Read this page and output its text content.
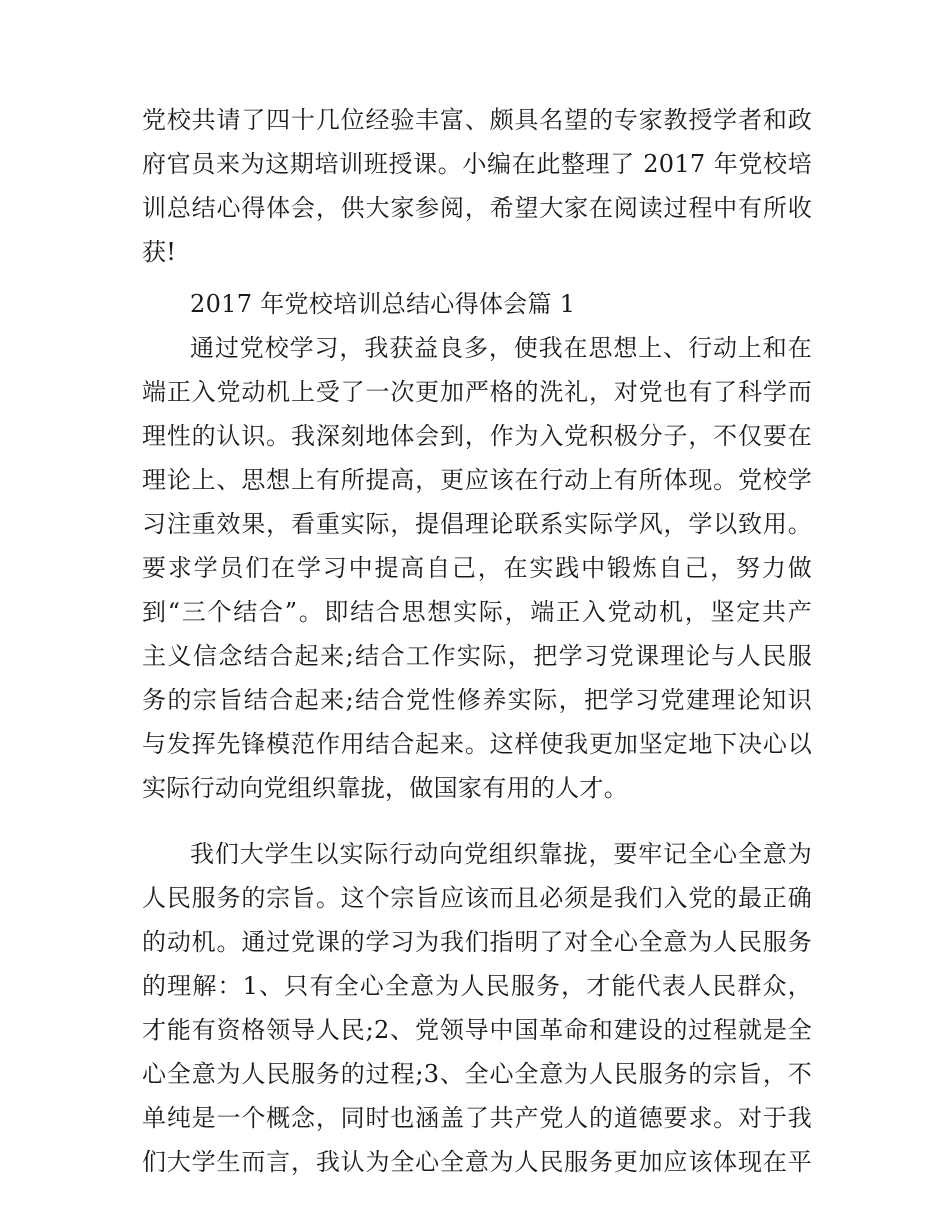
党校共请了四十几位经验丰富、颇具名望的专家教授学者和政
府官员来为这期培训班授课。小编在此整理了 2017 年党校培
训总结心得体会，供大家参阅，希望大家在阅读过程中有所收
获!
2017 年党校培训总结心得体会篇 1
通过党校学习，我获益良多，使我在思想上、行动上和在
端正入党动机上受了一次更加严格的洗礼，对党也有了科学而
理性的认识。我深刻地体会到，作为入党积极分子，不仅要在
理论上、思想上有所提高，更应该在行动上有所体现。党校学
习注重效果，看重实际，提倡理论联系实际学风，学以致用。
要求学员们在学习中提高自己，在实践中锻炼自己，努力做
到“三个结合”。即结合思想实际，端正入党动机，坚定共产
主义信念结合起来;结合工作实际，把学习党课理论与人民服
务的宗旨结合起来;结合党性修养实际，把学习党建理论知识
与发挥先锋模范作用结合起来。这样使我更加坚定地下决心以
实际行动向党组织靠拢，做国家有用的人才。
我们大学生以实际行动向党组织靠拢，要牢记全心全意为
人民服务的宗旨。这个宗旨应该而且必须是我们入党的最正确
的动机。通过党课的学习为我们指明了对全心全意为人民服务
的理解：1、只有全心全意为人民服务，才能代表人民群众，
才能有资格领导人民;2、党领导中国革命和建设的过程就是全
心全意为人民服务的过程;3、全心全意为人民服务的宗旨，不
单纯是一个概念，同时也涵盖了共产党人的道德要求。对于我
们大学生而言，我认为全心全意为人民服务更加应该体现在平
